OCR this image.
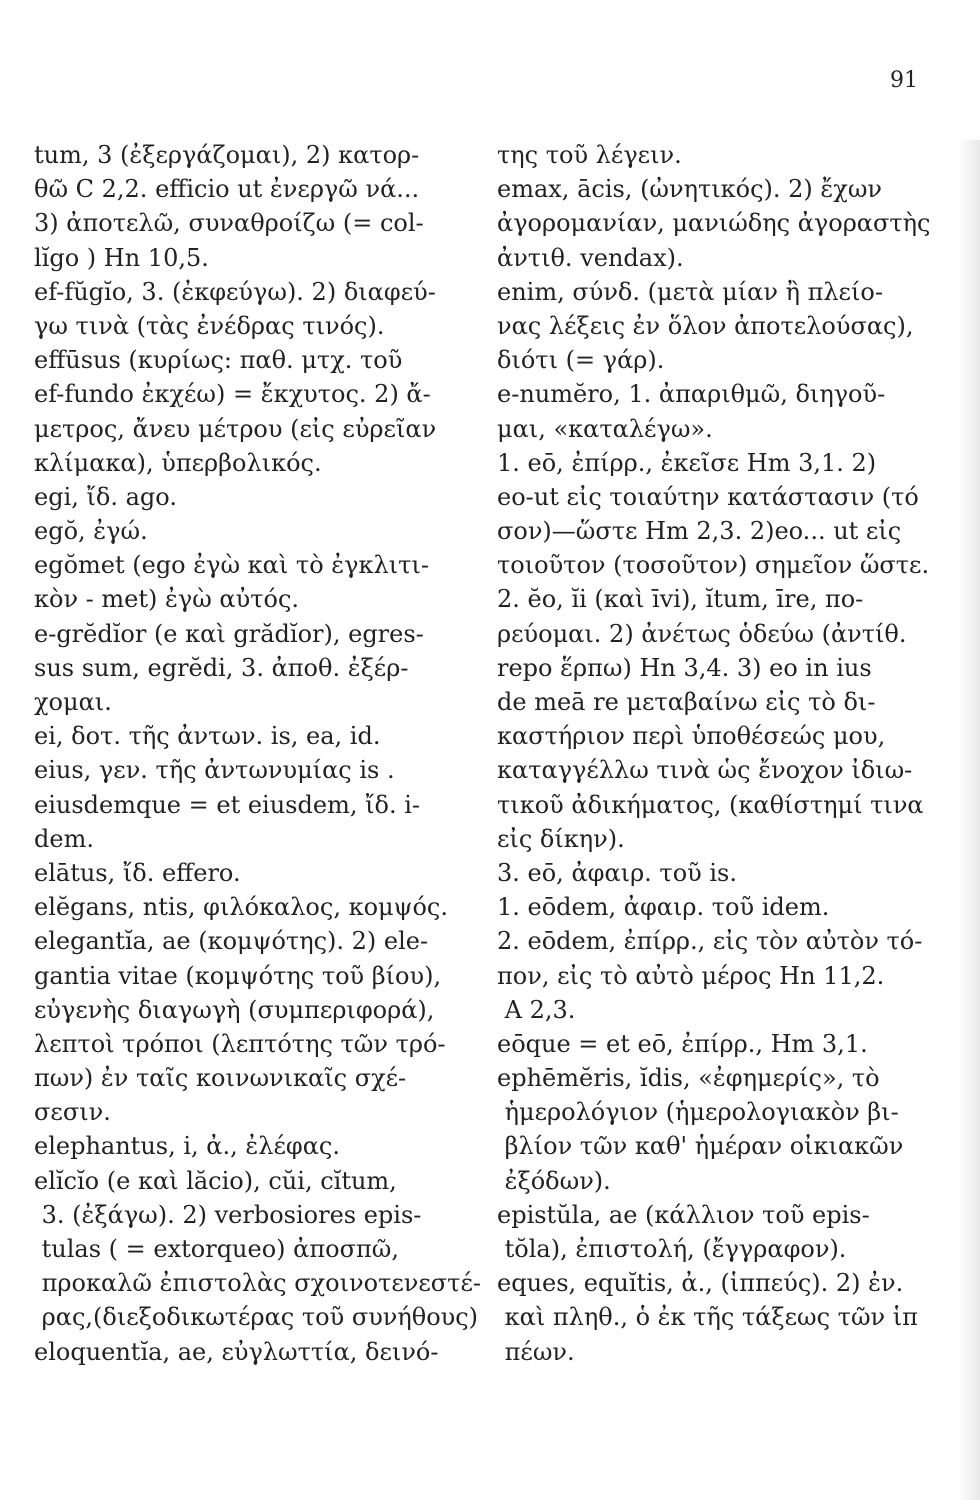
91
tum, 3 (ἐξεργάζομαι), 2) κατορ-
θῶ C 2,2. efficio ut ἐνεργῶ νά...
3) ἀποτελῶ, συναθροίζω (= col-
lĭgo ) Hn 10,5.
ef-fŭgĭo, 3. (ἐκφεύγω). 2) διαφεύ-
γω τινὰ (τὰς ἐνέδρας τινός).
effūsus (κυρίως: παθ. μτχ. τοῦ
ef-fundo ἐκχέω) = ἔκχυτος. 2) ἄ-
μετρος, ἄνευ μέτρου (εἰς εὐρεῖαν
κλίμακα), ὑπερβολικός.
egi, ἴδ. ago.
egŏ, ἐγώ.
egŏmet (ego ἐγὼ καὶ τὸ ἐγκλιτι-
κὸν - met) ἐγὼ αὐτός.
e-grĕdĭor (e καὶ grădĭor), egres-
sus sum, egrĕdi, 3. ἀποθ. ἐξέρ-
χομαι.
ei, δοτ. τῆς ἀντων. is, ea, id.
eius, γεν. τῆς ἀντωνυμίας is .
eiusdemque = et eiusdem, ἴδ. i-
dem.
elātus, ἴδ. effero.
elĕgans, ntis, φιλόκαλος, κομψός.
elegantĭa, ae (κομψότης). 2) ele-
gantia vitae (κομψότης τοῦ βίου),
εὐγενὴς διαγωγὴ (συμπεριφορά),
λεπτοὶ τρόποι (λεπτότης τῶν τρό-
πων) ἐν ταῖς κοινωνικαῖς σχέ-
σεσιν.
elephantus, i, ἀ., ἐλέφας.
elĭcĭo (e καὶ lăcio), cŭi, cĭtum,
3. (ἐξάγω). 2) verbosiores epis-
tulas ( = extorqueo) ἀποσπῶ,
προκαλῶ ἐπιστολὰς σχοινοτενεστέ-
ρας,(διεξοδικωτέρας τοῦ συνήθους)
eloquentĭa, ae, εὐγλωττία, δεινό-
της τοῦ λέγειν.
emax, ācis, (ὠνητικός). 2) ἔχων
ἀγορομανίαν, μανιώδης ἀγοραστὴς
ἀντιθ. vendax).
enim, σύνδ. (μετὰ μίαν ἢ πλείο-
νας λέξεις ἐν ὅλον ἀποτελούσας),
διότι (= γάρ).
e-numĕro, 1. ἀπαριθμῶ, διηγοῦ-
μαι, «καταλέγω».
1. eō, ἐπίρρ., ἐκεῖσε Hm 3,1. 2)
eo-ut εἰς τοιαύτην κατάστασιν (τό
σον)—ὥστε Hm 2,3. 2)eo... ut εἰς
τοιοῦτον (τοσοῦτον) σημεῖον ὥστε.
2. ĕo, ĭi (καὶ īvi), ĭtum, īre, πο-
ρεύομαι. 2) ἀνέτως ὁδεύω (ἀντίθ.
repo ἕρπω) Hn 3,4. 3) eo in ius
de meā re μεταβαίνω εἰς τὸ δι-
καστήριον περὶ ὑποθέσεώς μου,
καταγγέλλω τινὰ ὡς ἔνοχον ἰδιω-
τικοῦ ἀδικήματος, (καθίστημί τινα
εἰς δίκην).
3. eō, ἀφαιρ. τοῦ is.
1. eōdem, ἀφαιρ. τοῦ idem.
2. eōdem, ἐπίρρ., εἰς τὸν αὐτὸν τό-
πον, εἰς τὸ αὐτὸ μέρος Hn 11,2.
A 2,3.
eōque = et eō, ἐπίρρ., Hm 3,1.
ephēmĕris, ĭdis, «ἐφημερίς», τὸ
ἡμερολόγιον (ἡμερολογιακὸν βι-
βλίον τῶν καθ' ἡμέραν οἰκιακῶν
ἐξόδων).
epistŭla, ae (κάλλιον τοῦ epis-
tŏla), ἐπιστολή, (ἔγγραφον).
eques, equĭtis, ἀ., (ἱππεύς). 2) ἐν.
καὶ πληθ., ὁ ἐκ τῆς τάξεως τῶν ἱπ
πέων.
